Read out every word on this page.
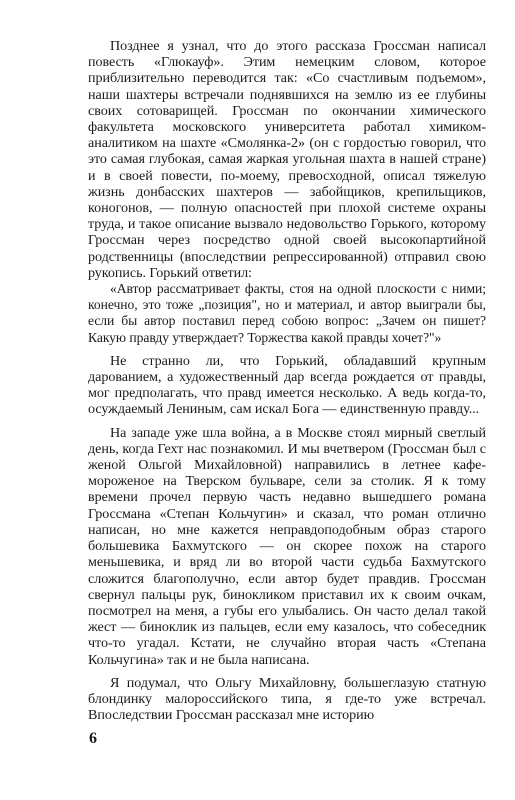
Позднее я узнал, что до этого рассказа Гроссман написал повесть «Глюкауф». Этим немецким словом, которое приблизительно переводится так: «Со счастливым подъемом», наши шахтеры встречали поднявшихся на землю из ее глубины своих сотоварищей. Гроссман по окончании химического факультета московского университета работал химиком-аналитиком на шахте «Смолянка-2» (он с гордостью говорил, что это самая глубокая, самая жаркая угольная шахта в нашей стране) и в своей повести, по-моему, превосходной, описал тяжелую жизнь донбасских шахтеров — забойщиков, крепильщиков, коногонов, — полную опасностей при плохой системе охраны труда, и такое описание вызвало недовольство Горького, которому Гроссман через посредство одной своей высокопартийной родственницы (впоследствии репрессированной) отправил свою рукопись. Горький ответил:

«Автор рассматривает факты, стоя на одной плоскости с ними; конечно, это тоже „позиция", но и материал, и автор выиграли бы, если бы автор поставил перед собою вопрос: „Зачем он пишет? Какую правду утверждает? Торжества какой правды хочет?"»

Не странно ли, что Горький, обладавший крупным дарованием, а художественный дар всегда рождается от правды, мог предполагать, что правд имеется несколько. А ведь когда-то, осуждаемый Лениным, сам искал Бога — единственную правду...

На западе уже шла война, а в Москве стоял мирный светлый день, когда Гехт нас познакомил. И мы вчетвером (Гроссман был с женой Ольгой Михайловной) направились в летнее кафе-мороженое на Тверском бульваре, сели за столик. Я к тому времени прочел первую часть недавно вышедшего романа Гроссмана «Степан Кольчугин» и сказал, что роман отлично написан, но мне кажется неправдоподобным образ старого большевика Бахмутского — он скорее похож на старого меньшевика, и вряд ли во второй части судьба Бахмутского сложится благополучно, если автор будет правдив. Гроссман свернул пальцы рук, бинокликом приставил их к своим очкам, посмотрел на меня, а губы его улыбались. Он часто делал такой жест — биноклик из пальцев, если ему казалось, что собеседник что-то угадал. Кстати, не случайно вторая часть «Степана Кольчугина» так и не была написана.

Я подумал, что Ольгу Михайловну, большеглазую статную блондинку малороссийского типа, я где-то уже встречал. Впоследствии Гроссман рассказал мне историю

6
